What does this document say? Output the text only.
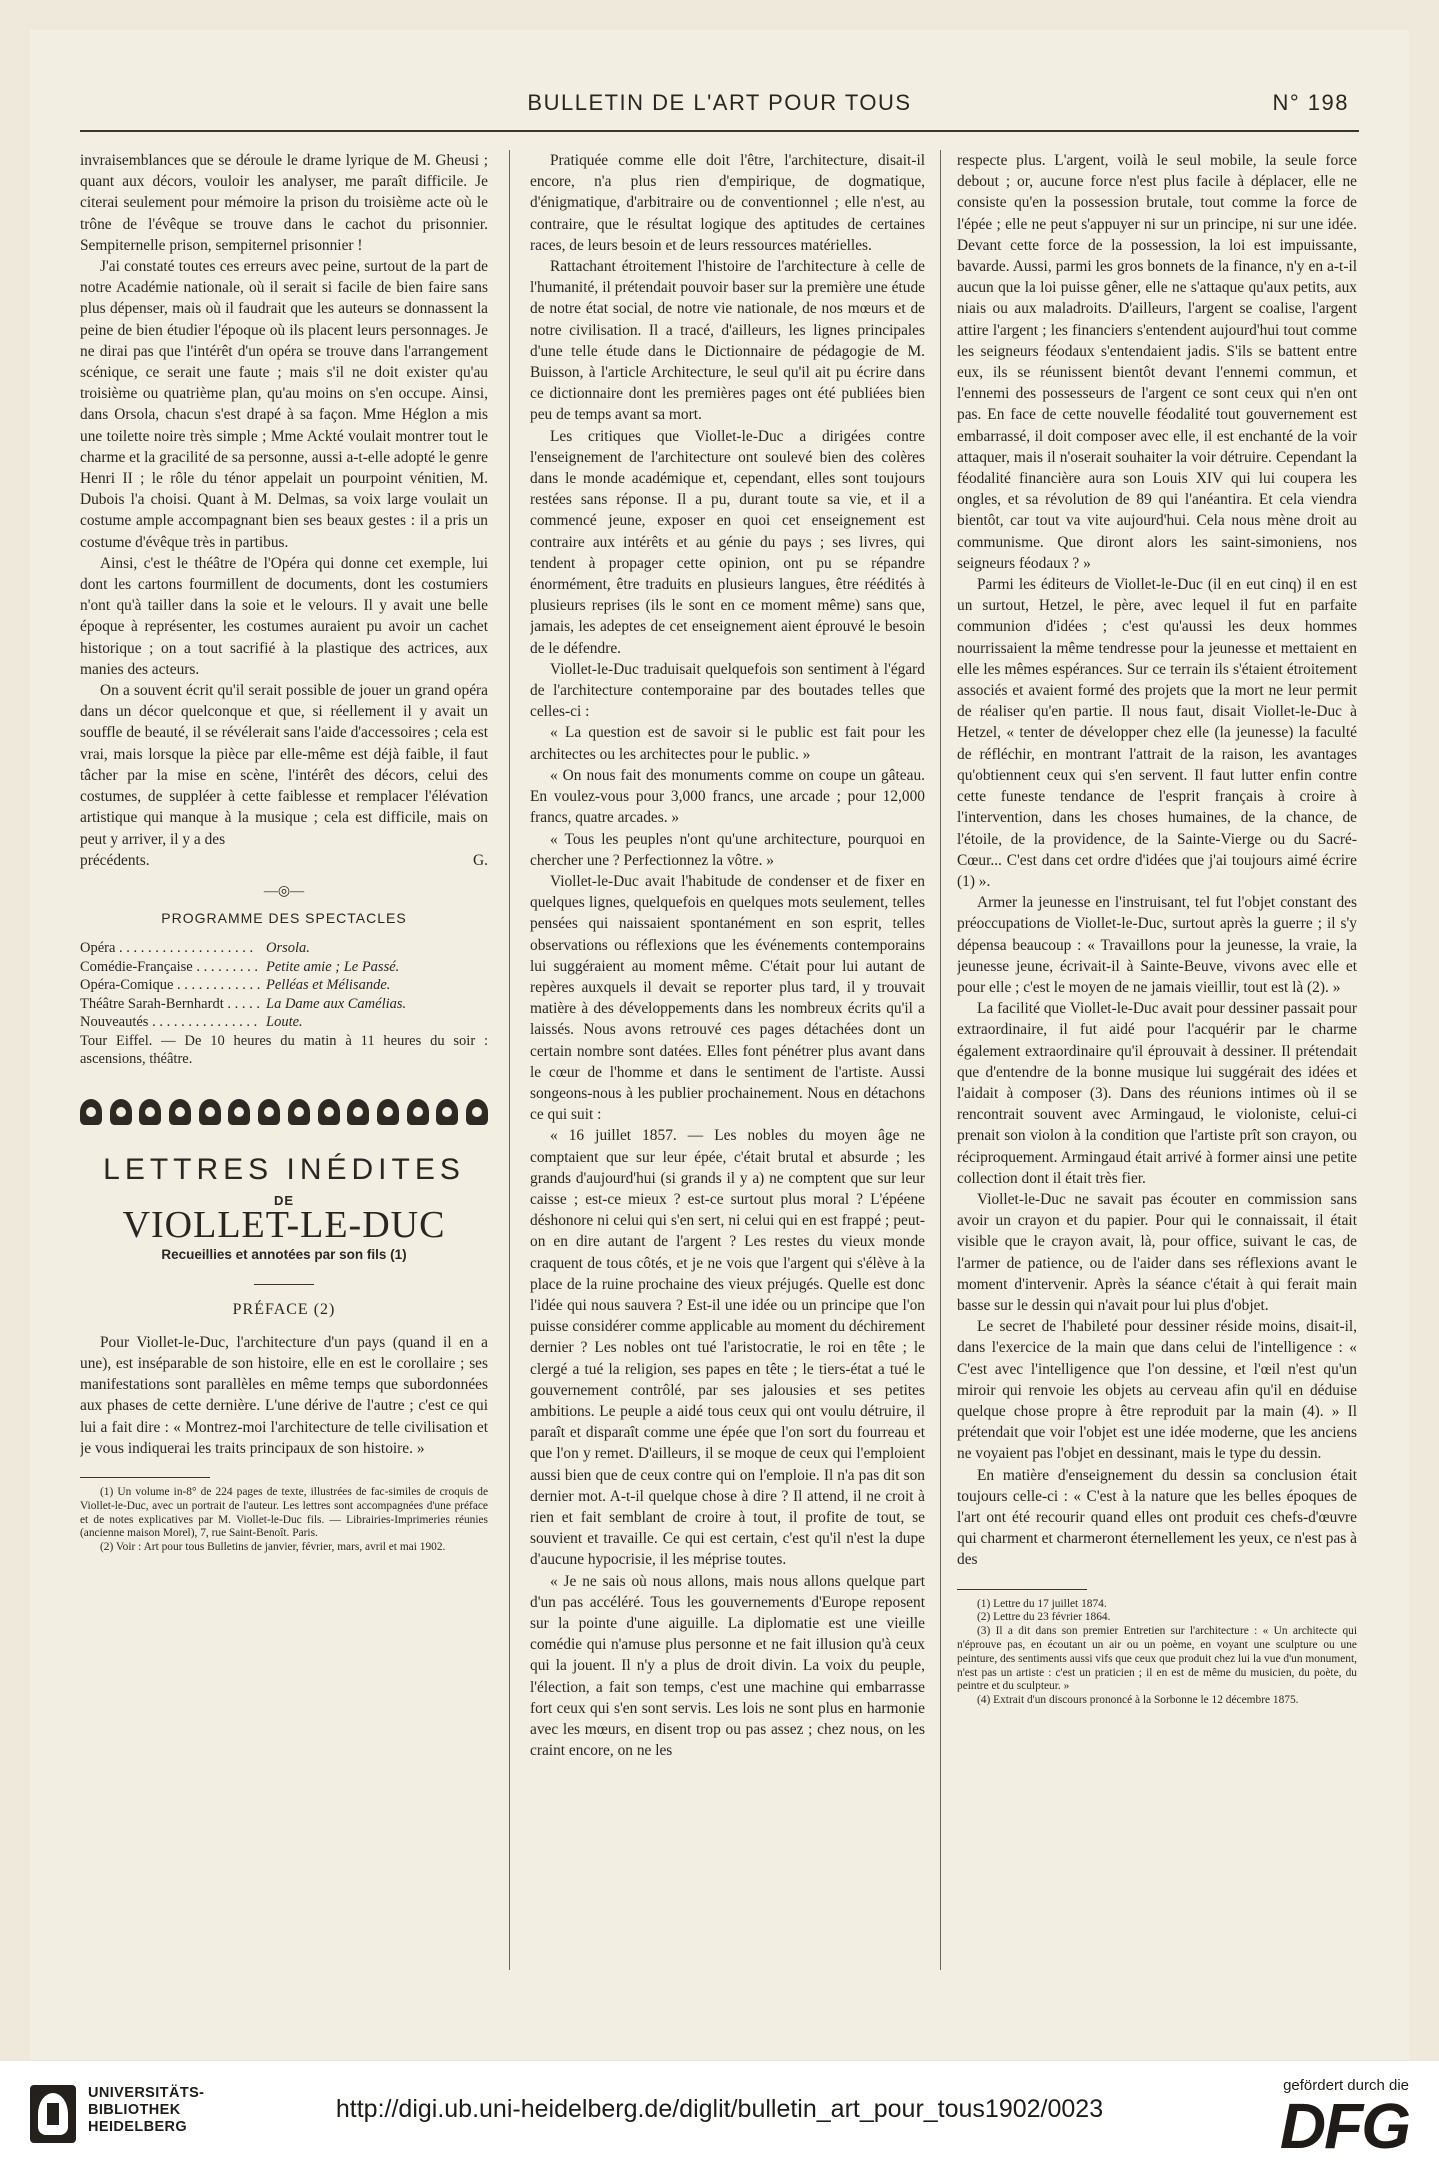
BULLETIN DE L'ART POUR TOUS	N° 198

invraisemblances que se déroule le drame lyrique de M. Gheusi ; quant aux décors, vouloir les analyser, me paraît difficile. Je citerai seulement pour mémoire la prison du troisième acte où le trône de l'évêque se trouve dans le cachot du prisonnier. Sempiternelle prison, sempiternel prisonnier !

J'ai constaté toutes ces erreurs avec peine, surtout de la part de notre Académie nationale, où il serait si facile de bien faire sans plus dépenser, mais où il faudrait que les auteurs se donnassent la peine de bien étudier l'époque où ils placent leurs personnages. Je ne dirai pas que l'intérêt d'un opéra se trouve dans l'arrangement scénique, ce serait une faute ; mais s'il ne doit exister qu'au troisième ou quatrième plan, qu'au moins on s'en occupe. Ainsi, dans Orsola, chacun s'est drapé à sa façon. Mme Héglon a mis une toilette noire très simple ; Mme Ackté voulait montrer tout le charme et la gracilité de sa personne, aussi a-t-elle adopté le genre Henri II ; le rôle du ténor appelait un pourpoint vénitien, M. Dubois l'a choisi. Quant à M. Delmas, sa voix large voulait un costume ample accompagnant bien ses beaux gestes : il a pris un costume d'évêque très in partibus.

Ainsi, c'est le théâtre de l'Opéra qui donne cet exemple, lui dont les cartons fourmillent de documents, dont les costumiers n'ont qu'à tailler dans la soie et le velours. Il y avait une belle époque à représenter, les costumes auraient pu avoir un cachet historique ; on a tout sacrifié à la plastique des actrices, aux manies des acteurs.

On a souvent écrit qu'il serait possible de jouer un grand opéra dans un décor quelconque et que, si réellement il y avait un souffle de beauté, il se révélerait sans l'aide d'accessoires ; cela est vrai, mais lorsque la pièce par elle-même est déjà faible, il faut tâcher par la mise en scène, l'intérêt des décors, celui des costumes, de suppléer à cette faiblesse et remplacer l'élévation artistique qui manque à la musique ; cela est difficile, mais on peut y arriver, il y a des

précédents.	G.

—◎—
PROGRAMME DES SPECTACLES
Opéra . . .	Orsola.
Comédie-Française . . .	Petite amie ; Le Passé.
Opéra-Comique . . .	Pelléas et Mélisande.
Théâtre Sarah-Bernhardt . . .	La Dame aux Camélias.
Nouveautés . . .	Loute.

Tour Eiffel. — De 10 heures du matin à 11 heures du soir : ascensions, théâtre.

LETTRES INÉDITES
DE
VIOLLET-LE-DUC
Recueillies et annotées par son fils (1)
PRÉFACE (2)

Pour Viollet-le-Duc, l'architecture d'un pays (quand il en a une), est inséparable de son histoire, elle en est le corollaire ; ses manifestations sont parallèles en même temps que subordonnées aux phases de cette dernière. L'une dérive de l'autre ; c'est ce qui lui a fait dire : « Montrez-moi l'architecture de telle civilisation et je vous indiquerai les traits principaux de son histoire. »

(1) Un volume in-8° de 224 pages de texte, illustrées de fac-similes de croquis de Viollet-le-Duc, avec un portrait de l'auteur. Les lettres sont accompagnées d'une préface et de notes explicatives par M. Viollet-le-Duc fils. — Librairies-Imprimeries réunies (ancienne maison Morel), 7, rue Saint-Benoît. Paris.

(2) Voir : Art pour tous Bulletins de janvier, février, mars, avril et mai 1902.

Pratiquée comme elle doit l'être, l'architecture, disait-il encore, n'a plus rien d'empirique, de dogmatique, d'énigmatique, d'arbitraire ou de conventionnel ; elle n'est, au contraire, que le résultat logique des aptitudes de certaines races, de leurs besoin et de leurs ressources matérielles.

Rattachant étroitement l'histoire de l'architecture à celle de l'humanité, il prétendait pouvoir baser sur la première une étude de notre état social, de notre vie nationale, de nos mœurs et de notre civilisation. Il a tracé, d'ailleurs, les lignes principales d'une telle étude dans le Dictionnaire de pédagogie de M. Buisson, à l'article Architecture, le seul qu'il ait pu écrire dans ce dictionnaire dont les premières pages ont été publiées bien peu de temps avant sa mort.

Les critiques que Viollet-le-Duc a dirigées contre l'enseignement de l'architecture ont soulevé bien des colères dans le monde académique et, cependant, elles sont toujours restées sans réponse. Il a pu, durant toute sa vie, et il a commencé jeune, exposer en quoi cet enseignement est contraire aux intérêts et au génie du pays ; ses livres, qui tendent à propager cette opinion, ont pu se répandre énormément, être traduits en plusieurs langues, être réédités à plusieurs reprises (ils le sont en ce moment même) sans que, jamais, les adeptes de cet enseignement aient éprouvé le besoin de le défendre.

Viollet-le-Duc traduisait quelquefois son sentiment à l'égard de l'architecture contemporaine par des boutades telles que celles-ci :

« La question est de savoir si le public est fait pour les architectes ou les architectes pour le public. »

« On nous fait des monuments comme on coupe un gâteau. En voulez-vous pour 3,000 francs, une arcade ; pour 12,000 francs, quatre arcades. »

« Tous les peuples n'ont qu'une architecture, pourquoi en chercher une ? Perfectionnez la vôtre. »

Viollet-le-Duc avait l'habitude de condenser et de fixer en quelques lignes, quelquefois en quelques mots seulement, telles pensées qui naissaient spontanément en son esprit, telles observations ou réflexions que les événements contemporains lui suggéraient au moment même. C'était pour lui autant de repères auxquels il devait se reporter plus tard, il y trouvait matière à des développements dans les nombreux écrits qu'il a laissés. Nous avons retrouvé ces pages détachées dont un certain nombre sont datées. Elles font pénétrer plus avant dans le cœur de l'homme et dans le sentiment de l'artiste. Aussi songeons-nous à les publier prochainement. Nous en détachons ce qui suit :

« 16 juillet 1857. — Les nobles du moyen âge ne comptaient que sur leur épée, c'était brutal et absurde ; les grands d'aujourd'hui (si grands il y a) ne comptent que sur leur caisse ; est-ce mieux ? est-ce surtout plus moral ? L'épéene déshonore ni celui qui s'en sert, ni celui qui en est frappé ; peut-on en dire autant de l'argent ? Les restes du vieux monde craquent de tous côtés, et je ne vois que l'argent qui s'élève à la place de la ruine prochaine des vieux préjugés. Quelle est donc l'idée qui nous sauvera ? Est-il une idée ou un principe que l'on puisse considérer comme applicable au moment du déchirement dernier ? Les nobles ont tué l'aristocratie, le roi en tête ; le clergé a tué la religion, ses papes en tête ; le tiers-état a tué le gouvernement contrôlé, par ses jalousies et ses petites ambitions. Le peuple a aidé tous ceux qui ont voulu détruire, il paraît et disparaît comme une épée que l'on sort du fourreau et que l'on y remet. D'ailleurs, il se moque de ceux qui l'emploient aussi bien que de ceux contre qui on l'emploie. Il n'a pas dit son dernier mot. A-t-il quelque chose à dire ? Il attend, il ne croit à rien et fait semblant de croire à tout, il profite de tout, se souvient et travaille. Ce qui est certain, c'est qu'il n'est la dupe d'aucune hypocrisie, il les méprise toutes.

« Je ne sais où nous allons, mais nous allons quelque part d'un pas accéléré. Tous les gouvernements d'Europe reposent sur la pointe d'une aiguille. La diplomatie est une vieille comédie qui n'amuse plus personne et ne fait illusion qu'à ceux qui la jouent. Il n'y a plus de droit divin. La voix du peuple, l'élection, a fait son temps, c'est une machine qui embarrasse fort ceux qui s'en sont servis. Les lois ne sont plus en harmonie avec les mœurs, en disent trop ou pas assez ; chez nous, on les craint encore, on ne les

respecte plus. L'argent, voilà le seul mobile, la seule force debout ; or, aucune force n'est plus facile à déplacer, elle ne consiste qu'en la possession brutale, tout comme la force de l'épée ; elle ne peut s'appuyer ni sur un principe, ni sur une idée. Devant cette force de la possession, la loi est impuissante, bavarde. Aussi, parmi les gros bonnets de la finance, n'y en a-t-il aucun que la loi puisse gêner, elle ne s'attaque qu'aux petits, aux niais ou aux maladroits. D'ailleurs, l'argent se coalise, l'argent attire l'argent ; les financiers s'entendent aujourd'hui tout comme les seigneurs féodaux s'entendaient jadis. S'ils se battent entre eux, ils se réunissent bientôt devant l'ennemi commun, et l'ennemi des possesseurs de l'argent ce sont ceux qui n'en ont pas. En face de cette nouvelle féodalité tout gouvernement est embarrassé, il doit composer avec elle, il est enchanté de la voir attaquer, mais il n'oserait souhaiter la voir détruire. Cependant la féodalité financière aura son Louis XIV qui lui coupera les ongles, et sa révolution de 89 qui l'anéantira. Et cela viendra bientôt, car tout va vite aujourd'hui. Cela nous mène droit au communisme. Que diront alors les saint-simoniens, nos seigneurs féodaux ? »

Parmi les éditeurs de Viollet-le-Duc (il en eut cinq) il en est un surtout, Hetzel, le père, avec lequel il fut en parfaite communion d'idées ; c'est qu'aussi les deux hommes nourrissaient la même tendresse pour la jeunesse et mettaient en elle les mêmes espérances. Sur ce terrain ils s'étaient étroitement associés et avaient formé des projets que la mort ne leur permit de réaliser qu'en partie. Il nous faut, disait Viollet-le-Duc à Hetzel, « tenter de développer chez elle (la jeunesse) la faculté de réfléchir, en montrant l'attrait de la raison, les avantages qu'obtiennent ceux qui s'en servent. Il faut lutter enfin contre cette funeste tendance de l'esprit français à croire à l'intervention, dans les choses humaines, de la chance, de l'étoile, de la providence, de la Sainte-Vierge ou du Sacré-Cœur... C'est dans cet ordre d'idées que j'ai toujours aimé écrire (1) ».

Armer la jeunesse en l'instruisant, tel fut l'objet constant des préoccupations de Viollet-le-Duc, surtout après la guerre ; il s'y dépensa beaucoup : « Travaillons pour la jeunesse, la vraie, la jeunesse jeune, écrivait-il à Sainte-Beuve, vivons avec elle et pour elle ; c'est le moyen de ne jamais vieillir, tout est là (2). »

La facilité que Viollet-le-Duc avait pour dessiner passait pour extraordinaire, il fut aidé pour l'acquérir par le charme également extraordinaire qu'il éprouvait à dessiner. Il prétendait que d'entendre de la bonne musique lui suggérait des idées et l'aidait à composer (3). Dans des réunions intimes où il se rencontrait souvent avec Armingaud, le violoniste, celui-ci prenait son violon à la condition que l'artiste prît son crayon, ou réciproquement. Armingaud était arrivé à former ainsi une petite collection dont il était très fier.

Viollet-le-Duc ne savait pas écouter en commission sans avoir un crayon et du papier. Pour qui le connaissait, il était visible que le crayon avait, là, pour office, suivant le cas, de l'armer de patience, ou de l'aider dans ses réflexions avant le moment d'intervenir. Après la séance c'était à qui ferait main basse sur le dessin qui n'avait pour lui plus d'objet.

Le secret de l'habileté pour dessiner réside moins, disait-il, dans l'exercice de la main que dans celui de l'intelligence : « C'est avec l'intelligence que l'on dessine, et l'œil n'est qu'un miroir qui renvoie les objets au cerveau afin qu'il en déduise quelque chose propre à être reproduit par la main (4). » Il prétendait que voir l'objet est une idée moderne, que les anciens ne voyaient pas l'objet en dessinant, mais le type du dessin.

En matière d'enseignement du dessin sa conclusion était toujours celle-ci : « C'est à la nature que les belles époques de l'art ont été recourir quand elles ont produit ces chefs-d'œuvre qui charment et charmeront éternellement les yeux, ce n'est pas à des

(1) Lettre du 17 juillet 1874.

(2) Lettre du 23 février 1864.

(3) Il a dit dans son premier Entretien sur l'architecture : « Un architecte qui n'éprouve pas, en écoutant un air ou un poème, en voyant une sculpture ou une peinture, des sentiments aussi vifs que ceux que produit chez lui la vue d'un monument, n'est pas un artiste : c'est un praticien ; il en est de même du musicien, du poète, du peintre et du sculpteur. »

(4) Extrait d'un discours prononcé à la Sorbonne le 12 décembre 1875.

UNIVERSITÄTS-
BIBLIOTHEK
HEIDELBERG
http://digi.ub.uni-heidelberg.de/diglit/bulletin_art_pour_tous1902/0023
gefördert durch die
DFG
